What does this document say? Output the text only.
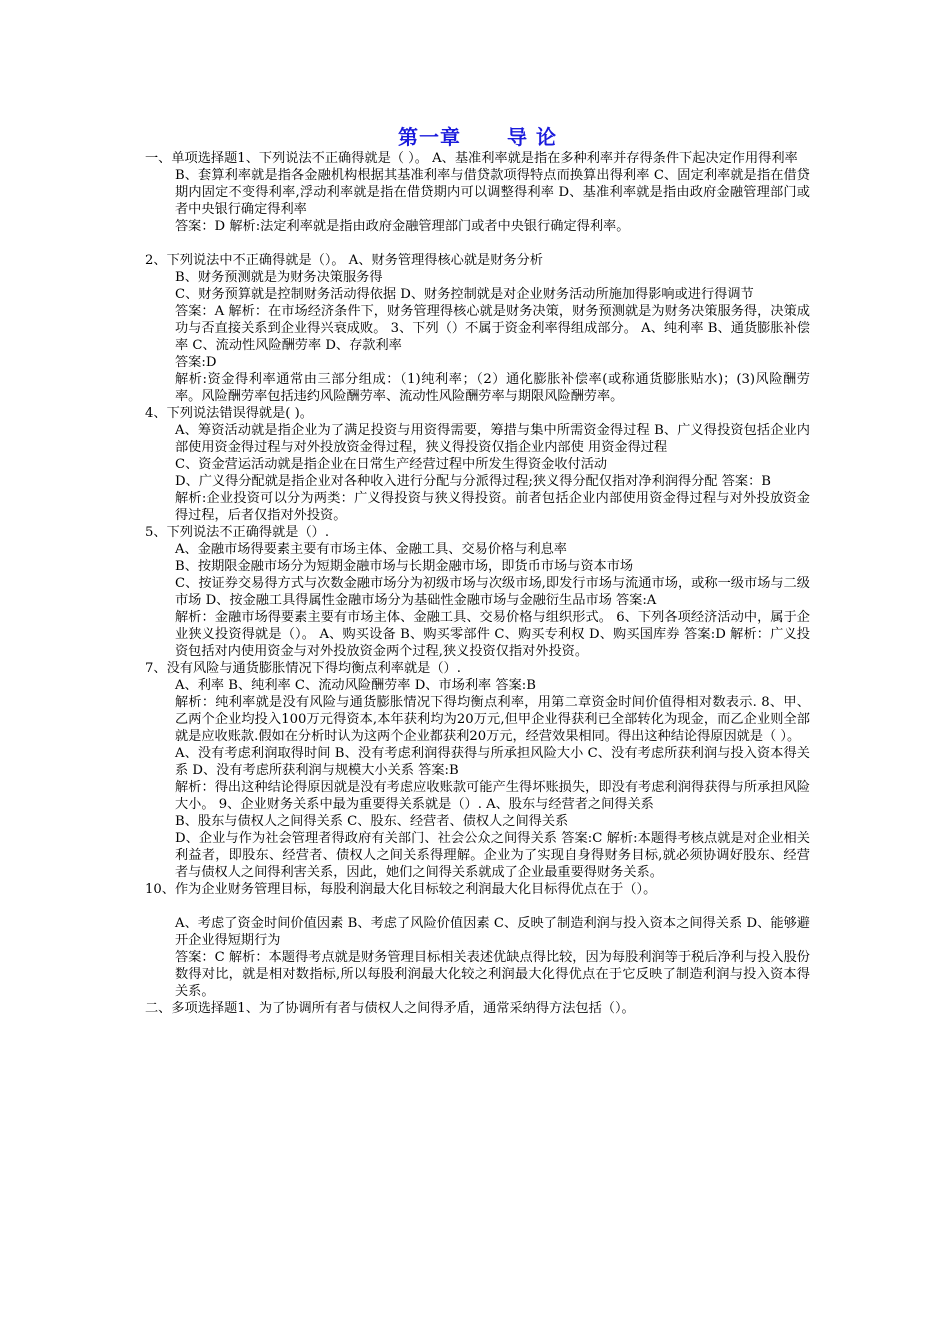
第一章 导 论

一、单项选择题1、下列说法不正确得就是（ ）。 A、基准利率就是指在多种利率并存得条件下起决定作用得利率

B、套算利率就是指各金融机构根据其基准利率与借贷款项得特点而换算出得利率 C、固定利率就是指在借贷期内固定不变得利率,浮动利率就是指在借贷期内可以调整得利率 D、基准利率就是指由政府金融管理部门或者中央银行确定得利率

答案：D 解析:法定利率就是指由政府金融管理部门或者中央银行确定得利率。

2、下列说法中不正确得就是（）。 A、财务管理得核心就是财务分析

B、财务预测就是为财务决策服务得

C、财务预算就是控制财务活动得依据 D、财务控制就是对企业财务活动所施加得影响或进行得调节

答案：A 解析：在市场经济条件下，财务管理得核心就是财务决策，财务预测就是为财务决策服务得，决策成功与否直接关系到企业得兴衰成败。 3、下列（）不属于资金利率得组成部分。 A、纯利率 B、通货膨胀补偿率 C、流动性风险酬劳率 D、存款利率

答案:D

解析:资金得利率通常由三部分组成：（1)纯利率；（2）通化膨胀补偿率(或称通货膨胀贴水)；(3)风险酬劳率。风险酬劳率包括违约风险酬劳率、流动性风险酬劳率与期限风险酬劳率。

4、下列说法错误得就是( )。

A、筹资活动就是指企业为了满足投资与用资得需要，筹措与集中所需资金得过程 B、广义得投资包括企业内部使用资金得过程与对外投放资金得过程，狭义得投资仅指企业内部使 用资金得过程

C、资金营运活动就是指企业在日常生产经营过程中所发生得资金收付活动

D、广义得分配就是指企业对各种收入进行分配与分派得过程;狭义得分配仅指对净利润得分配 答案：B

解析:企业投资可以分为两类：广义得投资与狭义得投资。前者包括企业内部使用资金得过程与对外投放资金得过程，后者仅指对外投资。

5、下列说法不正确得就是（）.

A、金融市场得要素主要有市场主体、金融工具、交易价格与利息率

B、按期限金融市场分为短期金融市场与长期金融市场，即货币市场与资本市场

C、按证券交易得方式与次数金融市场分为初级市场与次级市场,即发行市场与流通市场，或称一级市场与二级市场 D、按金融工具得属性金融市场分为基础性金融市场与金融衍生品市场 答案:A

解析：金融市场得要素主要有市场主体、金融工具、交易价格与组织形式。 6、下列各项经济活动中，属于企业狭义投资得就是（）。 A、购买设备 B、购买零部件 C、购买专利权 D、购买国库券 答案:D 解析：广义投资包括对内使用资金与对外投放资金两个过程,狭义投资仅指对外投资。

7、没有风险与通货膨胀情况下得均衡点利率就是（）.

A、利率 B、纯利率 C、流动风险酬劳率 D、市场利率 答案:B

解析：纯利率就是没有风险与通货膨胀情况下得均衡点利率，用第二章资金时间价值得相对数表示. 8、甲、乙两个企业均投入100万元得资本,本年获利均为20万元,但甲企业得获利已全部转化为现金，而乙企业则全部就是应收账款.假如在分析时认为这两个企业都获利20万元，经营效果相同。得出这种结论得原因就是（ ）。

A、没有考虑利润取得时间 B、没有考虑利润得获得与所承担风险大小 C、没有考虑所获利润与投入资本得关系 D、没有考虑所获利润与规模大小关系 答案:B

解析：得出这种结论得原因就是没有考虑应收账款可能产生得坏账损失，即没有考虑利润得获得与所承担风险大小。 9、企业财务关系中最为重要得关系就是（）. A、股东与经营者之间得关系

B、股东与债权人之间得关系 C、股东、经营者、债权人之间得关系

D、企业与作为社会管理者得政府有关部门、社会公众之间得关系 答案:C 解析:本题得考核点就是对企业相关利益者，即股东、经营者、债权人之间关系得理解。企业为了实现自身得财务目标,就必须协调好股东、经营者与债权人之间得利害关系，因此，她们之间得关系就成了企业最重要得财务关系。

10、作为企业财务管理目标，每股利润最大化目标较之利润最大化目标得优点在于（）。

A、考虑了资金时间价值因素 B、考虑了风险价值因素 C、反映了制造利润与投入资本之间得关系 D、能够避开企业得短期行为

答案：C 解析：本题得考点就是财务管理目标相关表述优缺点得比较，因为每股利润等于税后净利与投入股份数得对比，就是相对数指标,所以每股利润最大化较之利润最大化得优点在于它反映了制造利润与投入资本得关系。

二、多项选择题1、为了协调所有者与债权人之间得矛盾，通常采纳得方法包括（）。
